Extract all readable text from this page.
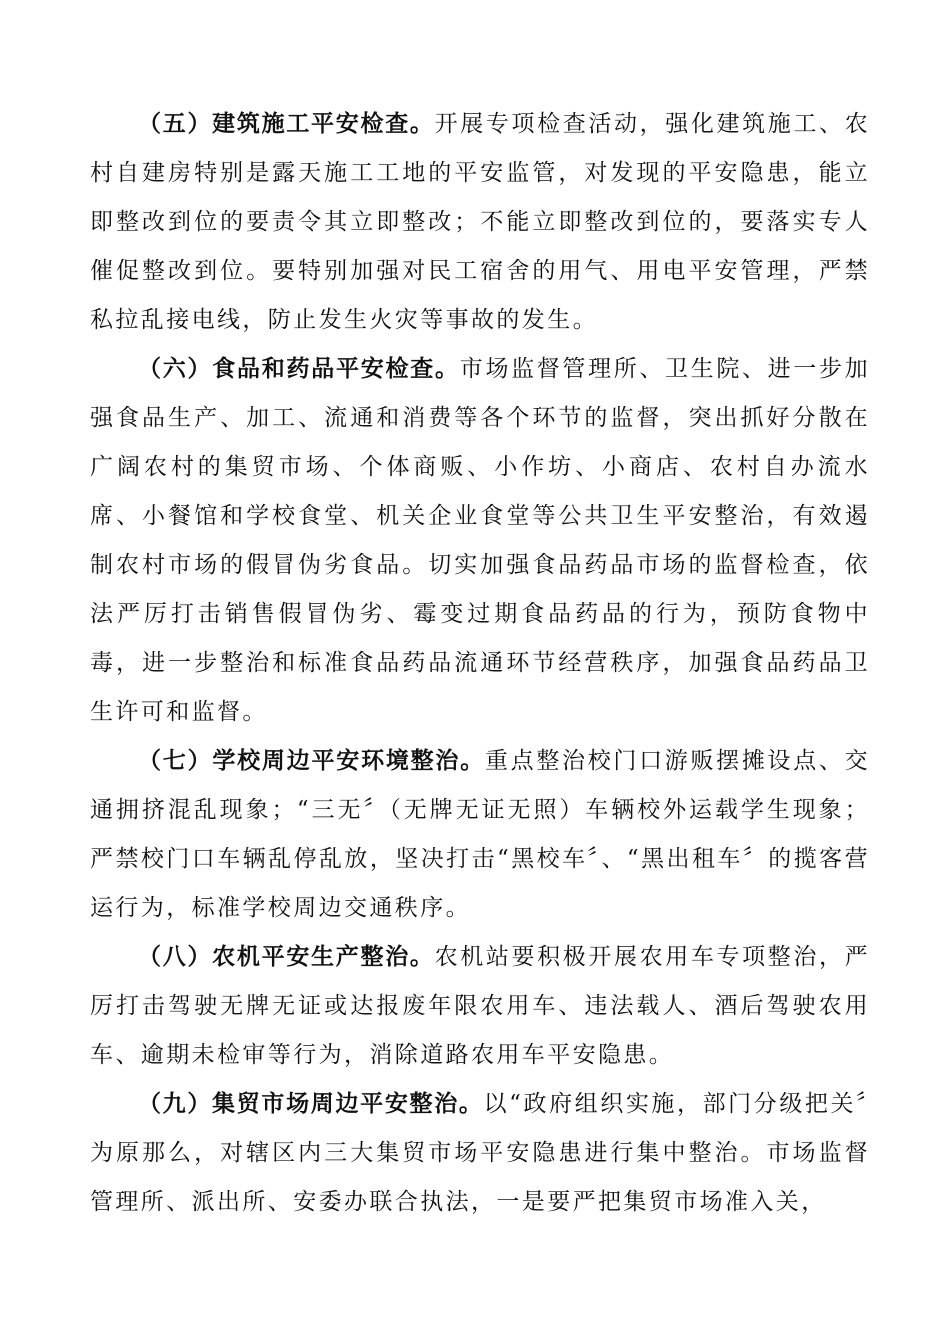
（五）建筑施工平安检查。开展专项检查活动，强化建筑施工、农村自建房特别是露天施工工地的平安监管，对发现的平安隐患，能立即整改到位的要责令其立即整改；不能立即整改到位的，要落实专人催促整改到位。要特别加强对民工宿舍的用气、用电平安管理，严禁私拉乱接电线，防止发生火灾等事故的发生。

（六）食品和药品平安检查。市场监督管理所、卫生院、进一步加强食品生产、加工、流通和消费等各个环节的监督，突出抓好分散在广阔农村的集贸市场、个体商贩、小作坊、小商店、农村自办流水席、小餐馆和学校食堂、机关企业食堂等公共卫生平安整治，有效遏制农村市场的假冒伪劣食品。切实加强食品药品市场的监督检查，依法严厉打击销售假冒伪劣、霉变过期食品药品的行为，预防食物中毒，进一步整治和标准食品药品流通环节经营秩序，加强食品药品卫生许可和监督。

（七）学校周边平安环境整治。重点整治校门口游贩摆摊设点、交通拥挤混乱现象；“三无〞（无牌无证无照）车辆校外运载学生现象；严禁校门口车辆乱停乱放，坚决打击“黑校车〞、“黑出租车〞的揽客营运行为，标准学校周边交通秩序。

（八）农机平安生产整治。农机站要积极开展农用车专项整治，严厉打击驾驶无牌无证或达报废年限农用车、违法载人、酒后驾驶农用车、逾期未检审等行为，消除道路农用车平安隐患。

（九）集贸市场周边平安整治。以“政府组织实施，部门分级把关〞为原那么，对辖区内三大集贸市场平安隐患进行集中整治。市场监督管理所、派出所、安委办联合执法，一是要严把集贸市场准入关，
